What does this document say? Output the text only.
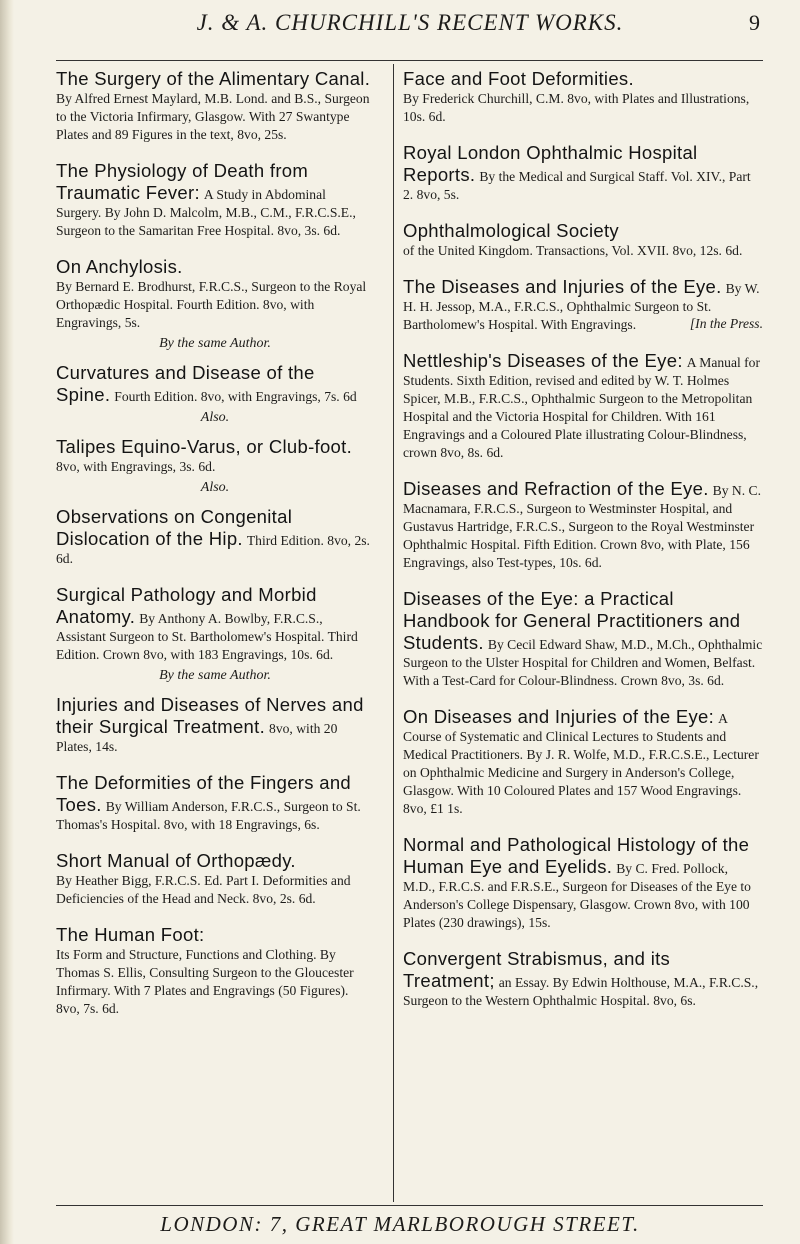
J. & A. CHURCHILL'S RECENT WORKS.	9
The Surgery of the Alimentary Canal. By Alfred Ernest Maylard, M.B. Lond. and B.S., Surgeon to the Victoria Infirmary, Glasgow. With 27 Swantype Plates and 89 Figures in the text, 8vo, 25s.
The Physiology of Death from Traumatic Fever: A Study in Abdominal Surgery. By John D. Malcolm, M.B., C.M., F.R.C.S.E., Surgeon to the Samaritan Free Hospital. 8vo, 3s. 6d.
On Anchylosis.
By Bernard E. Brodhurst, F.R.C.S., Surgeon to the Royal Orthopædic Hospital. Fourth Edition. 8vo, with Engravings, 5s.
By the same Author.
Curvatures and Disease of the Spine. Fourth Edition. 8vo, with Engravings, 7s. 6d
Also.
Talipes Equino-Varus, or Club-foot. 8vo, with Engravings, 3s. 6d.
Also.
Observations on Congenital Dislocation of the Hip. Third Edition. 8vo, 2s. 6d.
Surgical Pathology and Morbid Anatomy. By Anthony A. Bowlby, F.R.C.S., Assistant Surgeon to St. Bartholomew's Hospital. Third Edition. Crown 8vo, with 183 Engravings, 10s. 6d.
By the same Author.
Injuries and Diseases of Nerves and their Surgical Treatment. 8vo, with 20 Plates, 14s.
The Deformities of the Fingers and Toes. By William Anderson, F.R.C.S., Surgeon to St. Thomas's Hospital. 8vo, with 18 Engravings, 6s.
Short Manual of Orthopædy.
By Heather Bigg, F.R.C.S. Ed. Part I. Deformities and Deficiencies of the Head and Neck. 8vo, 2s. 6d.
The Human Foot:
Its Form and Structure, Functions and Clothing. By Thomas S. Ellis, Consulting Surgeon to the Gloucester Infirmary. With 7 Plates and Engravings (50 Figures). 8vo, 7s. 6d.
Face and Foot Deformities.
By Frederick Churchill, C.M. 8vo, with Plates and Illustrations, 10s. 6d.
Royal London Ophthalmic Hospital Reports. By the Medical and Surgical Staff. Vol. XIV., Part 2. 8vo, 5s.
Ophthalmological Society
of the United Kingdom. Transactions, Vol. XVII. 8vo, 12s. 6d.
The Diseases and Injuries of the Eye. By W. H. H. Jessop, M.A., F.R.C.S., Ophthalmic Surgeon to St. Bartholomew's Hospital. With Engravings.	[In the Press.
Nettleship's Diseases of the Eye: A Manual for Students. Sixth Edition, revised and edited by W. T. Holmes Spicer, M.B., F.R.C.S., Ophthalmic Surgeon to the Metropolitan Hospital and the Victoria Hospital for Children. With 161 Engravings and a Coloured Plate illustrating Colour-Blindness, crown 8vo, 8s. 6d.
Diseases and Refraction of the Eye. By N. C. Macnamara, F.R.C.S., Surgeon to Westminster Hospital, and Gustavus Hartridge, F.R.C.S., Surgeon to the Royal Westminster Ophthalmic Hospital. Fifth Edition. Crown 8vo, with Plate, 156 Engravings, also Test-types, 10s. 6d.
Diseases of the Eye: a Practical Handbook for General Practitioners and Students. By Cecil Edward Shaw, M.D., M.Ch., Ophthalmic Surgeon to the Ulster Hospital for Children and Women, Belfast. With a Test-Card for Colour-Blindness. Crown 8vo, 3s. 6d.
On Diseases and Injuries of the Eye: A Course of Systematic and Clinical Lectures to Students and Medical Practitioners. By J. R. Wolfe, M.D., F.R.C.S.E., Lecturer on Ophthalmic Medicine and Surgery in Anderson's College, Glasgow. With 10 Coloured Plates and 157 Wood Engravings. 8vo, £1 1s.
Normal and Pathological Histology of the Human Eye and Eyelids. By C. Fred. Pollock, M.D., F.R.C.S. and F.R.S.E., Surgeon for Diseases of the Eye to Anderson's College Dispensary, Glasgow. Crown 8vo, with 100 Plates (230 drawings), 15s.
Convergent Strabismus, and its Treatment; an Essay. By Edwin Holthouse, M.A., F.R.C.S., Surgeon to the Western Ophthalmic Hospital. 8vo, 6s.
LONDON: 7, GREAT MARLBOROUGH STREET.
